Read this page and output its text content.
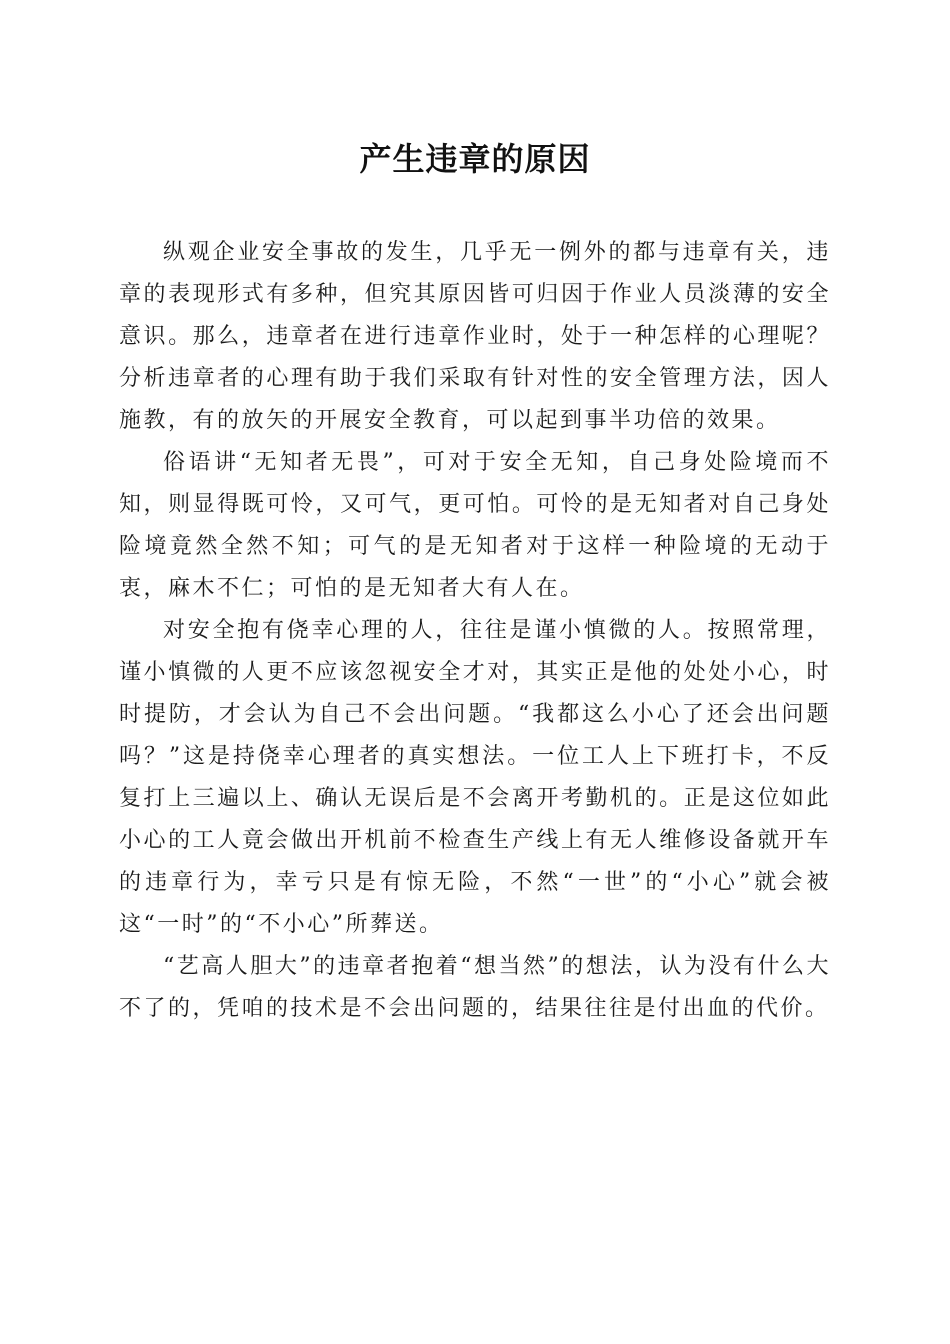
产生违章的原因

纵观企业安全事故的发生，几乎无一例外的都与违章有关，违章的表现形式有多种，但究其原因皆可归因于作业人员淡薄的安全意识。那么，违章者在进行违章作业时，处于一种怎样的心理呢？分析违章者的心理有助于我们采取有针对性的安全管理方法，因人施教，有的放矢的开展安全教育，可以起到事半功倍的效果。

俗语讲“无知者无畏”，可对于安全无知，自己身处险境而不知，则显得既可怜，又可气，更可怕。可怜的是无知者对自己身处险境竟然全然不知；可气的是无知者对于这样一种险境的无动于衷，麻木不仁；可怕的是无知者大有人在。

对安全抱有侥幸心理的人，往往是谨小慎微的人。按照常理，谨小慎微的人更不应该忽视安全才对，其实正是他的处处小心，时时提防，才会认为自己不会出问题。“我都这么小心了还会出问题吗？”这是持侥幸心理者的真实想法。一位工人上下班打卡，不反复打上三遍以上、确认无误后是不会离开考勤机的。正是这位如此小心的工人竟会做出开机前不检查生产线上有无人维修设备就开车的违章行为，幸亏只是有惊无险，不然“一世”的“小心”就会被这“一时”的“不小心”所葬送。

“艺高人胆大”的违章者抱着“想当然”的想法，认为没有什么大不了的，凭咱的技术是不会出问题的，结果往往是付出血的代价。
